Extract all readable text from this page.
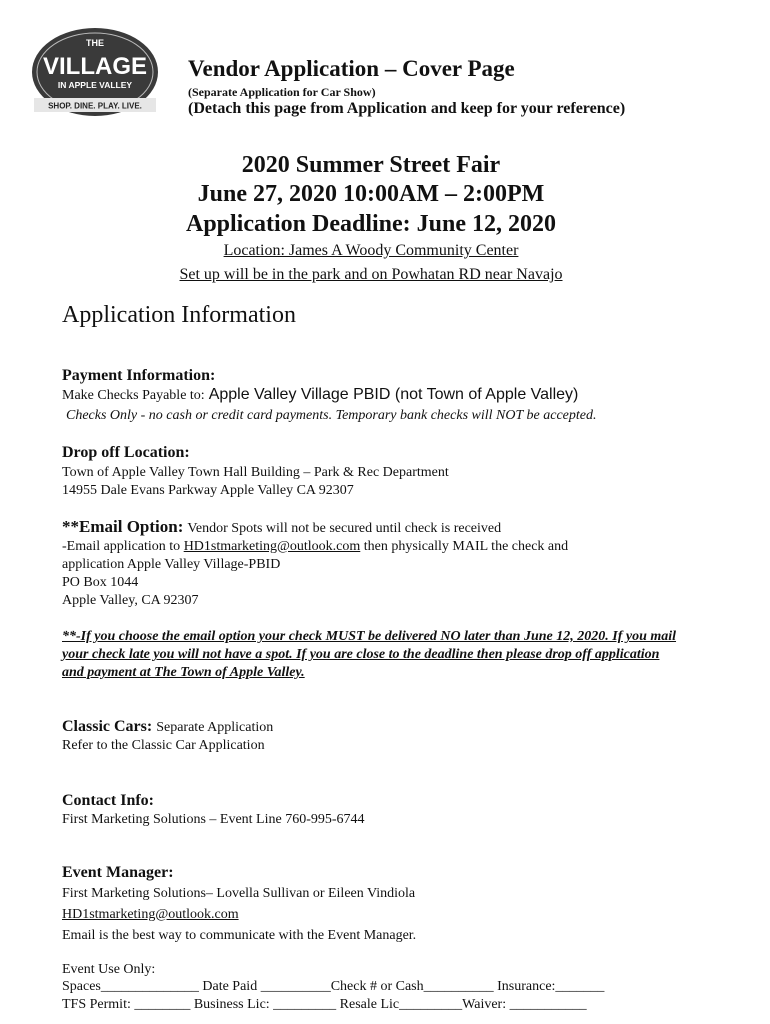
THE
VILLAGE
IN APPLE VALLEY
SHOP. DINE. PLAY. LIVE.
Vendor Application – Cover Page
(Separate Application for Car Show)
(Detach this page from Application and keep for your reference)
2020 Summer Street Fair
June 27, 2020 10:00AM – 2:00PM
Application Deadline: June 12, 2020
Location: James A Woody Community Center
Set up will be in the park and on Powhatan RD near Navajo
Application Information
Payment Information:
Make Checks Payable to: Apple Valley Village PBID (not Town of Apple Valley)
Checks Only - no cash or credit card payments. Temporary bank checks will NOT be accepted.
Drop off Location:
Town of Apple Valley Town Hall Building – Park & Rec Department
14955 Dale Evans Parkway Apple Valley CA 92307
**Email Option: Vendor Spots will not be secured until check is received
-Email application to HD1stmarketing@outlook.com then physically MAIL the check and
application Apple Valley Village-PBID
PO Box 1044
Apple Valley, CA 92307
**-If you choose the email option your check MUST be delivered NO later than June 12, 2020. If you mail your check late you will not have a spot. If you are close to the deadline then please drop off application and payment at The Town of Apple Valley.
Classic Cars: Separate Application
Refer to the Classic Car Application
Contact Info:
First Marketing Solutions – Event Line 760-995-6744
Event Manager:
First Marketing Solutions– Lovella Sullivan or Eileen Vindiola
HD1stmarketing@outlook.com
Email is the best way to communicate with the Event Manager.
Event Use Only:
Spaces______________ Date Paid __________Check # or Cash__________ Insurance:_______
TFS Permit: ________ Business Lic: _________ Resale Lic_________Waiver: ___________
